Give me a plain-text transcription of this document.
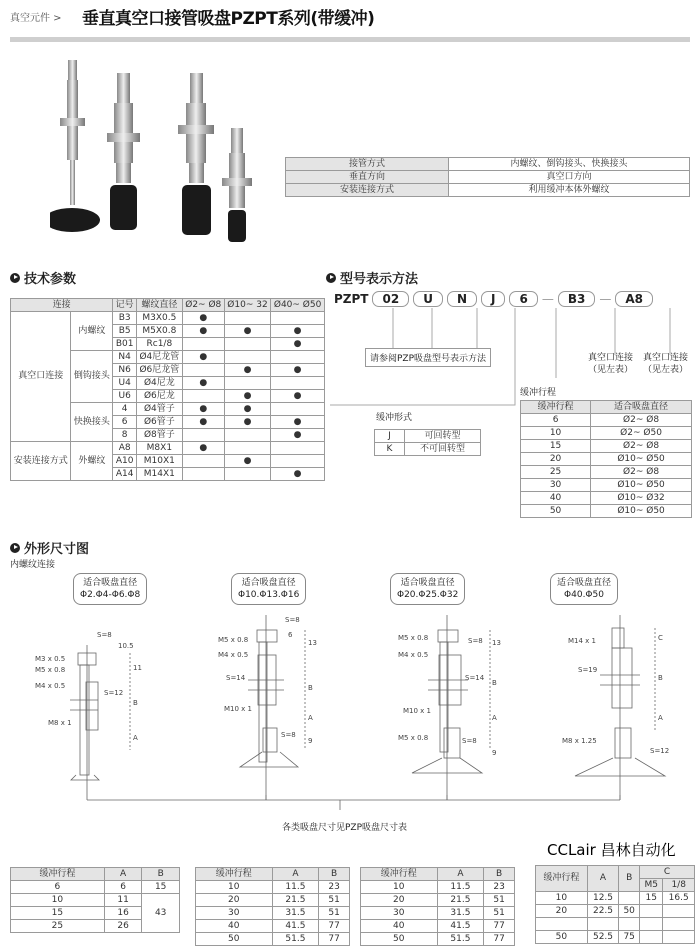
真空元件 > 垂直真空口接管吸盘PZPT系列(带缓冲)
接管方式	内螺纹、倒钩接头、快换接头
垂直方向	真空口方向
安装连接方式	利用缓冲本体外螺纹
技术参数
连接		记号	螺纹直径	Ø2~ Ø8	Ø10~ 32	Ø40~ Ø50
真空口连接	内螺纹	B3	M3X0.5	●		
		B5	M5X0.8	●	●	●
		B01	Rc1/8			●
	倒钩接头	N4	Ø4尼龙管	●		
		N6	Ø6尼龙管		●	●
		U4	Ø4尼龙	●		
		U6	Ø6尼龙		●	●
	快换接头	4	Ø4管子	●	●	
		6	Ø6管子	●	●	●
		8	Ø8管子			●
安装连接方式	外螺纹	A8	M8X1	●		
		A10	M10X1		●	
		A14	M14X1			●
型号表示方法
PZPT	02	U	N	J	6	—	B3	—	A8
请参阅PZP吸盘型号表示方法	真空口连接
（见左表）
真空口连接
（见左表）
缓冲形式
J	可回转型
K	不可回转型
缓冲行程
缓冲行程	适合吸盘直径
6	Ø2~ Ø8
10	Ø2~ Ø50
15	Ø2~ Ø8
20	Ø10~ Ø50
25	Ø2~ Ø8
30	Ø10~ Ø50
40	Ø10~ Ø32
50	Ø10~ Ø50
外形尺寸图
内螺纹连接
适合吸盘直径
Φ2.Φ4-Φ6.Φ8
适合吸盘直径
Φ10.Φ13.Φ16
适合吸盘直径
Φ20.Φ25.Φ32
适合吸盘直径
Φ40.Φ50
S=8
M3 x 0.5
M5 x 0.8
M4 x 0.5
S=12
M8 x 1
11
B
A
10.5
S=8
M5 x 0.8
M4 x 0.5
S=14
M10 x 1
S=8
13
B
A
9
6	M5 x 0.8
M4 x 0.5
S=8
S=14
M10 x 1
M5 x 0.8	S=8
13
B
A
9
M14 x 1
S=19
M8 x 1.25
S=12
C
B
A
各类吸盘尺寸见PZP吸盘尺寸表
CCLair 昌林自动化
缓冲行程	A	B
6	6	15
10	11	43
15	16	
25	26	
缓冲行程	A	B
10	11.5	23
20	21.5	51
30	31.5	51
40	41.5	77
50	51.5	77
缓冲行程	A	B
10	11.5	23
20	21.5	51
30	31.5	51
40	41.5	77
50	51.5	77
缓冲行程	A	B	C	
			M5	1/8
10	12.5		15	16.5
20	22.5	50		

50	52.5	75		
